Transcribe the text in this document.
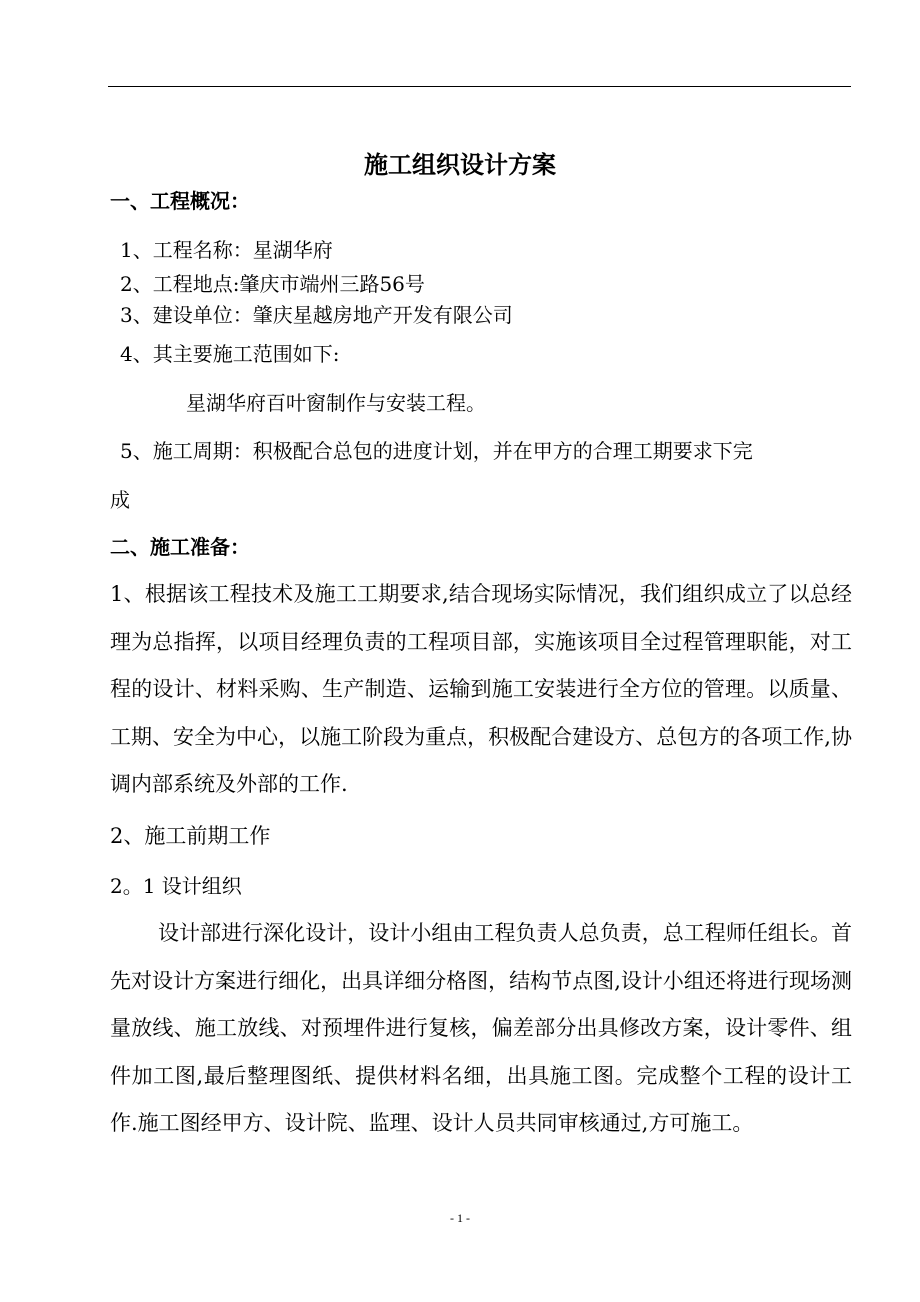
施工组织设计方案
一、工程概况：
1、工程名称：星湖华府
2、工程地点:肇庆市端州三路56号
3、建设单位：肇庆星越房地产开发有限公司
4、其主要施工范围如下:
星湖华府百叶窗制作与安装工程。
5、施工周期：积极配合总包的进度计划，并在甲方的合理工期要求下完
成
二、施工准备：
1、根据该工程技术及施工工期要求,结合现场实际情况，我们组织成立了以总经理为总指挥，以项目经理负责的工程项目部，实施该项目全过程管理职能，对工程的设计、材料采购、生产制造、运输到施工安装进行全方位的管理。以质量、工期、安全为中心，以施工阶段为重点，积极配合建设方、总包方的各项工作,协调内部系统及外部的工作.
2、施工前期工作
2。1 设计组织
设计部进行深化设计，设计小组由工程负责人总负责，总工程师任组长。首先对设计方案进行细化，出具详细分格图，结构节点图,设计小组还将进行现场测量放线、施工放线、对预埋件进行复核，偏差部分出具修改方案，设计零件、组件加工图,最后整理图纸、提供材料名细，出具施工图。完成整个工程的设计工作.施工图经甲方、设计院、监理、设计人员共同审核通过,方可施工。
- 1 -
